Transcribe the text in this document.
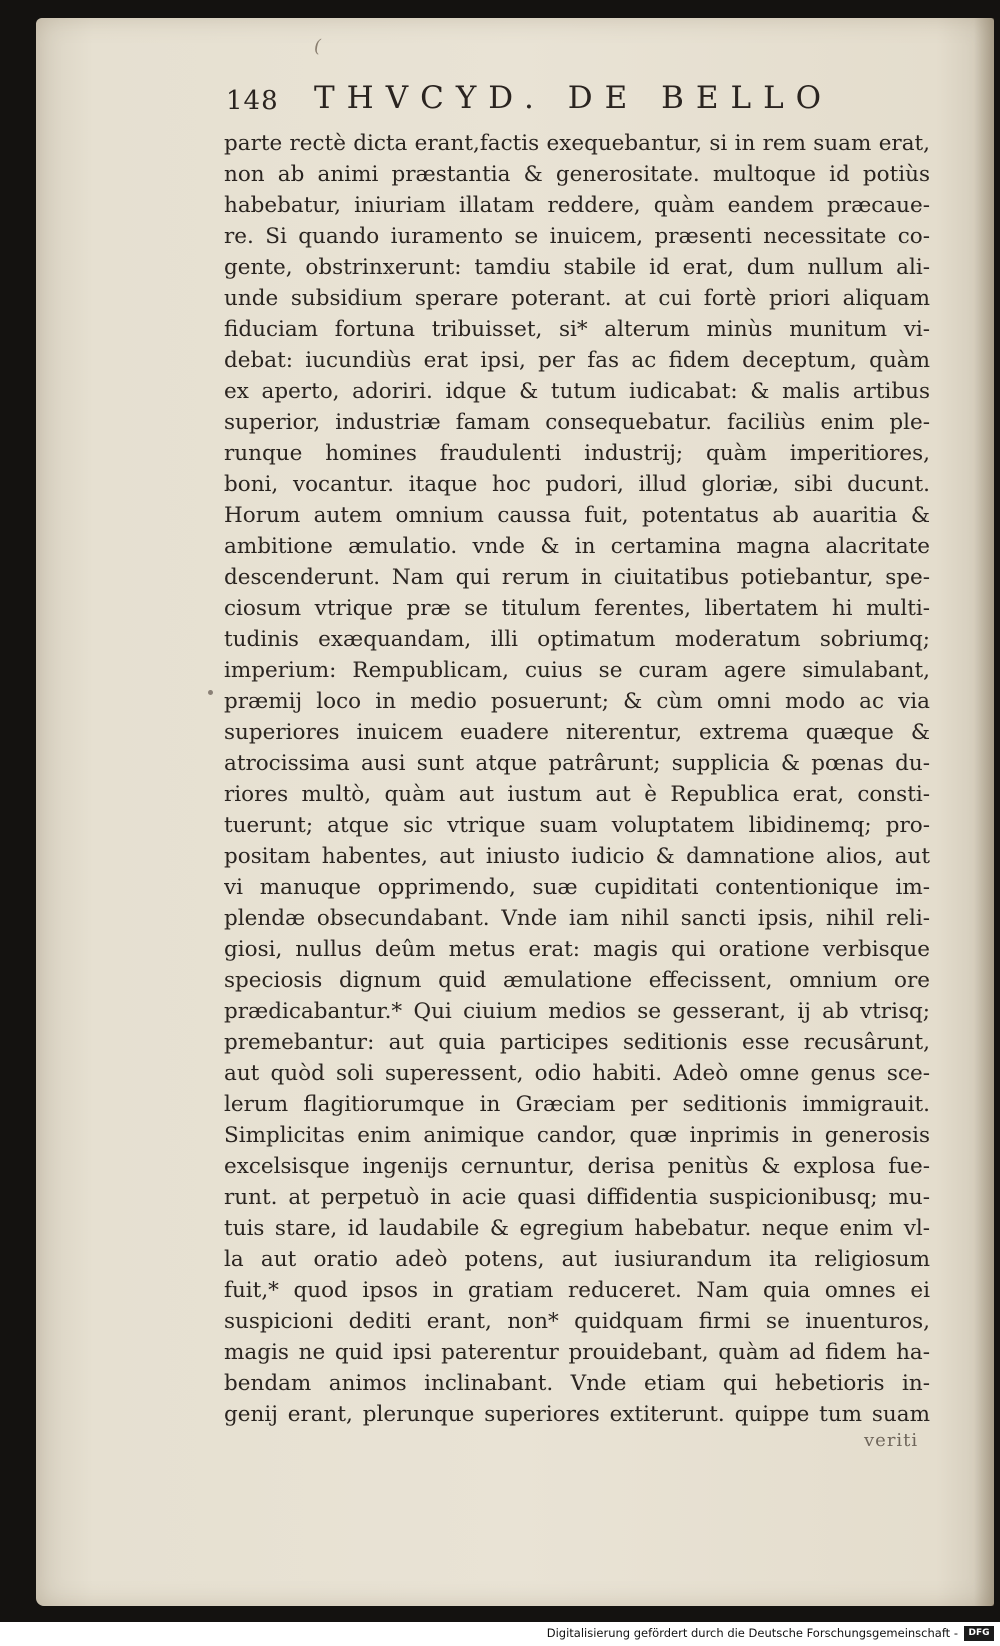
(
148 THVCYD. DE BELLO
parte rectè dicta erant,factis exequebantur, si in rem suam erat,
non ab animi præstantia & generositate. multoque id potiùs
habebatur, iniuriam illatam reddere, quàm eandem præcaue-
re. Si quando iuramento se inuicem, præsenti necessitate co-
gente, obstrinxerunt: tamdiu stabile id erat, dum nullum ali-
unde subsidium sperare poterant. at cui fortè priori aliquam
fiduciam fortuna tribuisset, si* alterum minùs munitum vi-
debat: iucundiùs erat ipsi, per fas ac fidem deceptum, quàm
ex aperto, adoriri. idque & tutum iudicabat: & malis artibus
superior, industriæ famam consequebatur. faciliùs enim ple-
runque homines fraudulenti industrij; quàm imperitiores,
boni, vocantur. itaque hoc pudori, illud gloriæ, sibi ducunt.
Horum autem omnium caussa fuit, potentatus ab auaritia &
ambitione æmulatio. vnde & in certamina magna alacritate
descenderunt. Nam qui rerum in ciuitatibus potiebantur, spe-
ciosum vtrique præ se titulum ferentes, libertatem hi multi-
tudinis exæquandam, illi optimatum moderatum sobriumq;
imperium: Rempublicam, cuius se curam agere simulabant,
præmij loco in medio posuerunt; & cùm omni modo ac via
superiores inuicem euadere niterentur, extrema quæque &
atrocissima ausi sunt atque patrârunt; supplicia & pœnas du-
riores multò, quàm aut iustum aut è Republica erat, consti-
tuerunt; atque sic vtrique suam voluptatem libidinemq; pro-
positam habentes, aut iniusto iudicio & damnatione alios, aut
vi manuque opprimendo, suæ cupiditati contentionique im-
plendæ obsecundabant. Vnde iam nihil sancti ipsis, nihil reli-
giosi, nullus deûm metus erat: magis qui oratione verbisque
speciosis dignum quid æmulatione effecissent, omnium ore
prædicabantur.* Qui ciuium medios se gesserant, ij ab vtrisq;
premebantur: aut quia participes seditionis esse recusârunt,
aut quòd soli superessent, odio habiti. Adeò omne genus sce-
lerum flagitiorumque in Græciam per seditionis immigrauit.
Simplicitas enim animique candor, quæ inprimis in generosis
excelsisque ingenijs cernuntur, derisa penitùs & explosa fue-
runt. at perpetuò in acie quasi diffidentia suspicionibusq; mu-
tuis stare, id laudabile & egregium habebatur. neque enim vl-
la aut oratio adeò potens, aut iusiurandum ita religiosum
fuit,* quod ipsos in gratiam reduceret. Nam quia omnes ei
suspicioni dediti erant, non* quidquam firmi se inuenturos,
magis ne quid ipsi paterentur prouidebant, quàm ad fidem ha-
bendam animos inclinabant. Vnde etiam qui hebetioris in-
genij erant, plerunque superiores extiterunt. quippe tum suam
veriti
Digitalisierung gefördert durch die Deutsche Forschungsgemeinschaft -	DFG
